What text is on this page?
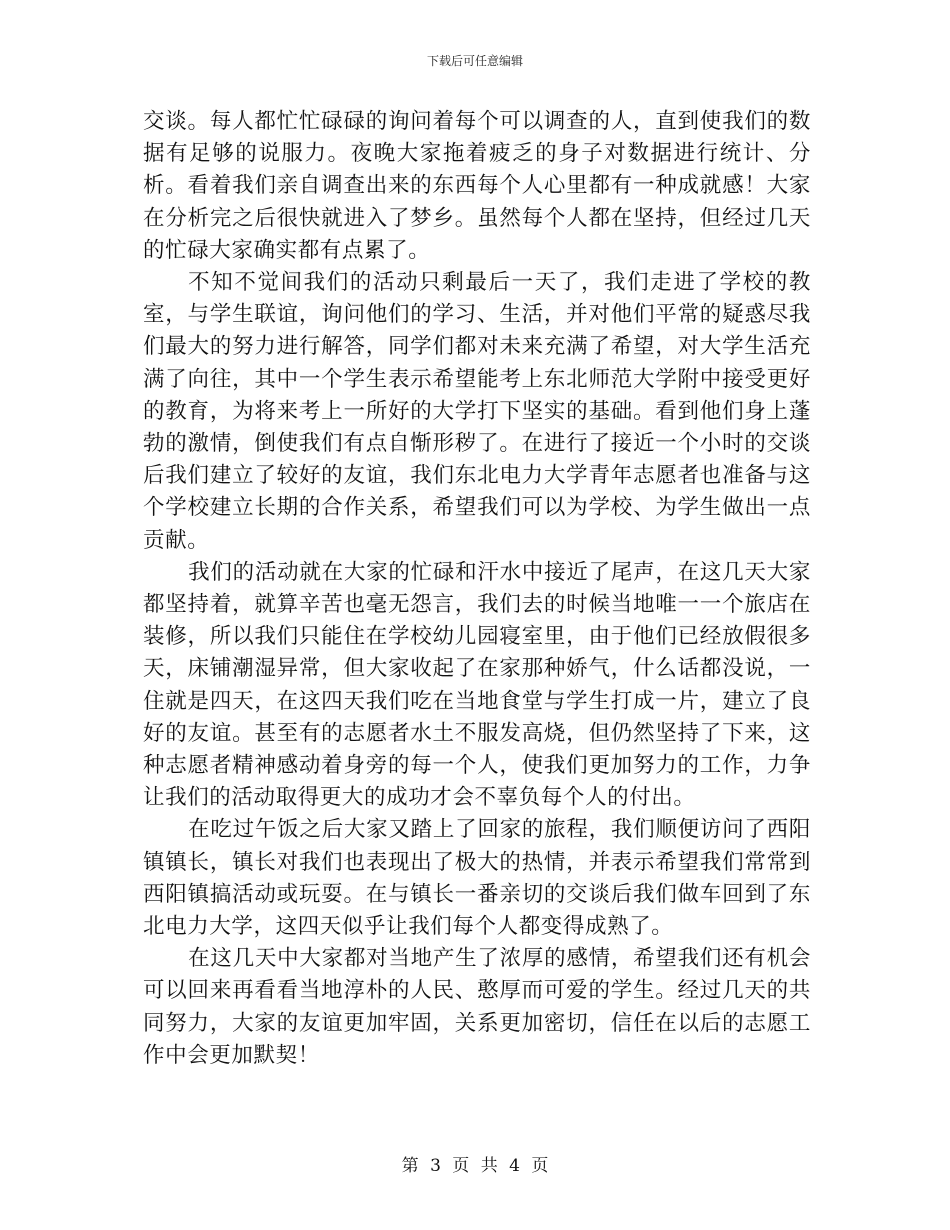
下载后可任意编辑

交谈。每人都忙忙碌碌的询问着每个可以调查的人，直到使我们的数据有足够的说服力。夜晚大家拖着疲乏的身子对数据进行统计、分析。看着我们亲自调查出来的东西每个人心里都有一种成就感！大家在分析完之后很快就进入了梦乡。虽然每个人都在坚持，但经过几天的忙碌大家确实都有点累了。

不知不觉间我们的活动只剩最后一天了，我们走进了学校的教室，与学生联谊，询问他们的学习、生活，并对他们平常的疑惑尽我们最大的努力进行解答，同学们都对未来充满了希望，对大学生活充满了向往，其中一个学生表示希望能考上东北师范大学附中接受更好的教育，为将来考上一所好的大学打下坚实的基础。看到他们身上蓬勃的激情，倒使我们有点自惭形秽了。在进行了接近一个小时的交谈后我们建立了较好的友谊，我们东北电力大学青年志愿者也准备与这个学校建立长期的合作关系，希望我们可以为学校、为学生做出一点贡献。

我们的活动就在大家的忙碌和汗水中接近了尾声，在这几天大家都坚持着，就算辛苦也毫无怨言，我们去的时候当地唯一一个旅店在装修，所以我们只能住在学校幼儿园寝室里，由于他们已经放假很多天，床铺潮湿异常，但大家收起了在家那种娇气，什么话都没说，一住就是四天，在这四天我们吃在当地食堂与学生打成一片，建立了良好的友谊。甚至有的志愿者水土不服发高烧，但仍然坚持了下来，这种志愿者精神感动着身旁的每一个人，使我们更加努力的工作，力争让我们的活动取得更大的成功才会不辜负每个人的付出。

在吃过午饭之后大家又踏上了回家的旅程，我们顺便访问了西阳镇镇长，镇长对我们也表现出了极大的热情，并表示希望我们常常到西阳镇搞活动或玩耍。在与镇长一番亲切的交谈后我们做车回到了东北电力大学，这四天似乎让我们每个人都变得成熟了。

在这几天中大家都对当地产生了浓厚的感情，希望我们还有机会可以回来再看看当地淳朴的人民、憨厚而可爱的学生。经过几天的共同努力，大家的友谊更加牢固，关系更加密切，信任在以后的志愿工作中会更加默契！

第 3 页 共 4 页
